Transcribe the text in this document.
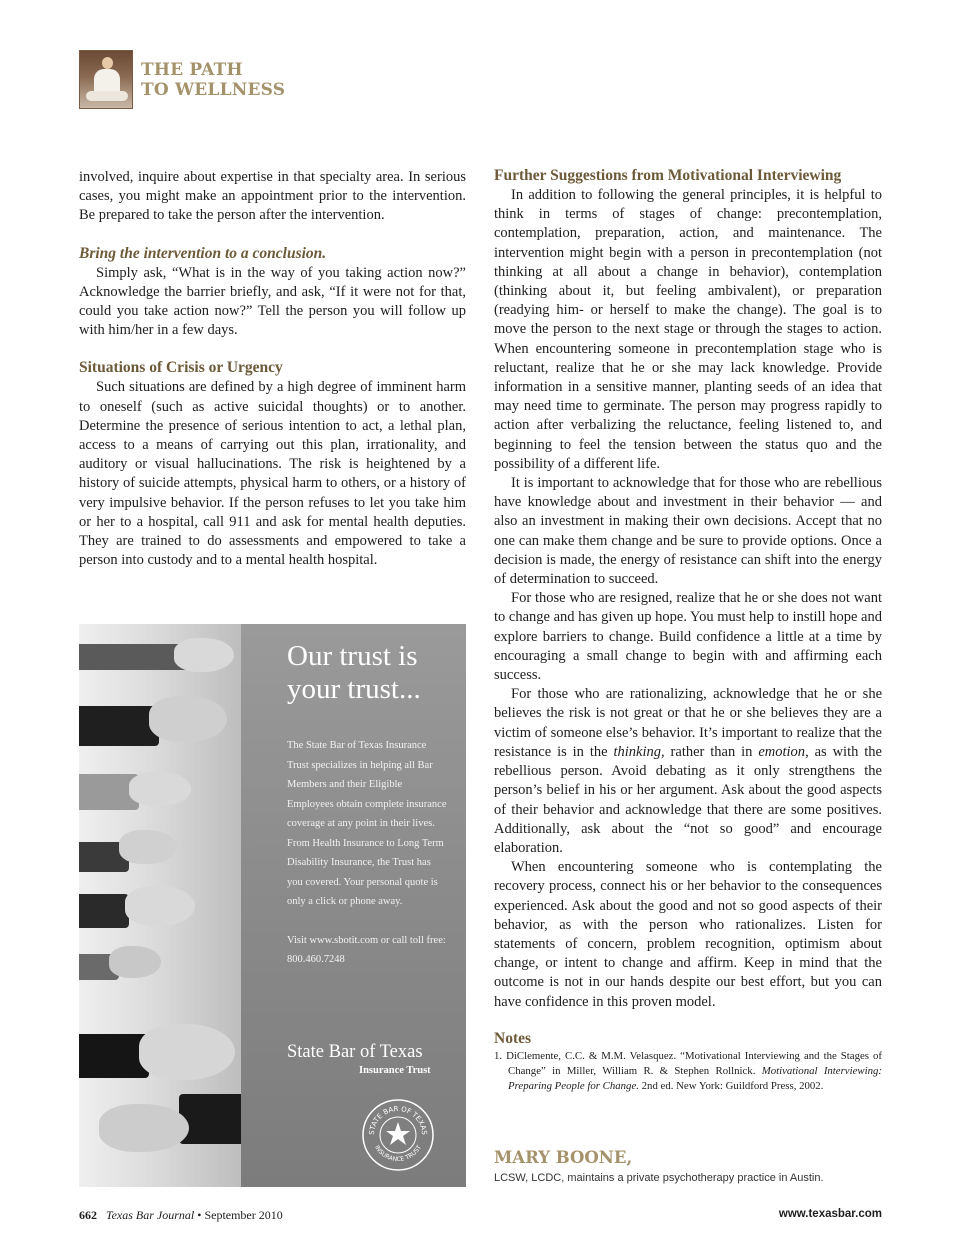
THE PATH
TO WELLNESS

involved, inquire about expertise in that specialty area. In serious cases, you might make an appointment prior to the intervention. Be prepared to take the person after the intervention.

Bring the intervention to a conclusion.

Simply ask, “What is in the way of you taking action now?” Acknowledge the barrier briefly, and ask, “If it were not for that, could you take action now?” Tell the person you will follow up with him/her in a few days.

Situations of Crisis or Urgency

Such situations are defined by a high degree of imminent harm to oneself (such as active suicidal thoughts) or to another. Determine the presence of serious intention to act, a lethal plan, access to a means of carrying out this plan, irrationality, and auditory or visual hallucinations. The risk is heightened by a history of suicide attempts, physical harm to others, or a history of very impulsive behavior. If the person refuses to let you take him or her to a hospital, call 911 and ask for mental health deputies. They are trained to do assessments and empowered to take a person into custody and to a mental health hospital.

Our trust is your trust...

The State Bar of Texas Insurance Trust specializes in helping all Bar Members and their Eligible Employees obtain complete insurance coverage at any point in their lives. From Health Insurance to Long Term Disability Insurance, the Trust has you covered. Your personal quote is only a click or phone away.

Visit www.sbotit.com or call toll free: 800.460.7248

State Bar of Texas
Insurance Trust
STATE BAR OF TEXAS
INSURANCE TRUST
Further Suggestions from Motivational Interviewing

In addition to following the general principles, it is helpful to think in terms of stages of change: precontemplation, contemplation, preparation, action, and maintenance. The intervention might begin with a person in precontemplation (not thinking at all about a change in behavior), contemplation (thinking about it, but feeling ambivalent), or preparation (readying him- or herself to make the change). The goal is to move the person to the next stage or through the stages to action. When encountering someone in precontemplation stage who is reluctant, realize that he or she may lack knowledge. Provide information in a sensitive manner, planting seeds of an idea that may need time to germinate. The person may progress rapidly to action after verbalizing the reluctance, feeling listened to, and beginning to feel the tension between the status quo and the possibility of a different life.

It is important to acknowledge that for those who are rebellious have knowledge about and investment in their behavior — and also an investment in making their own decisions. Accept that no one can make them change and be sure to provide options. Once a decision is made, the energy of resistance can shift into the energy of determination to succeed.

For those who are resigned, realize that he or she does not want to change and has given up hope. You must help to instill hope and explore barriers to change. Build confidence a little at a time by encouraging a small change to begin with and affirming each success.

For those who are rationalizing, acknowledge that he or she believes the risk is not great or that he or she believes they are a victim of someone else’s behavior. It’s important to realize that the resistance is in the thinking, rather than in emotion, as with the rebellious person. Avoid debating as it only strengthens the person’s belief in his or her argument. Ask about the good aspects of their behavior and acknowledge that there are some positives. Additionally, ask about the “not so good” and encourage elaboration.

When encountering someone who is contemplating the recovery process, connect his or her behavior to the consequences experienced. Ask about the good and not so good aspects of their behavior, as with the person who rationalizes. Listen for statements of concern, problem recognition, optimism about change, or intent to change and affirm. Keep in mind that the outcome is not in our hands despite our best effort, but you can have confidence in this proven model.

Notes
1. DiClemente, C.C. & M.M. Velasquez. “Motivational Interviewing and the Stages of Change” in Miller, William R. & Stephen Rollnick. Motivational Interviewing: Preparing People for Change. 2nd ed. New York: Guildford Press, 2002.
MARY BOONE,
LCSW, LCDC, maintains a private psychotherapy practice in Austin.
662 Texas Bar Journal • September 2010	www.texasbar.com
